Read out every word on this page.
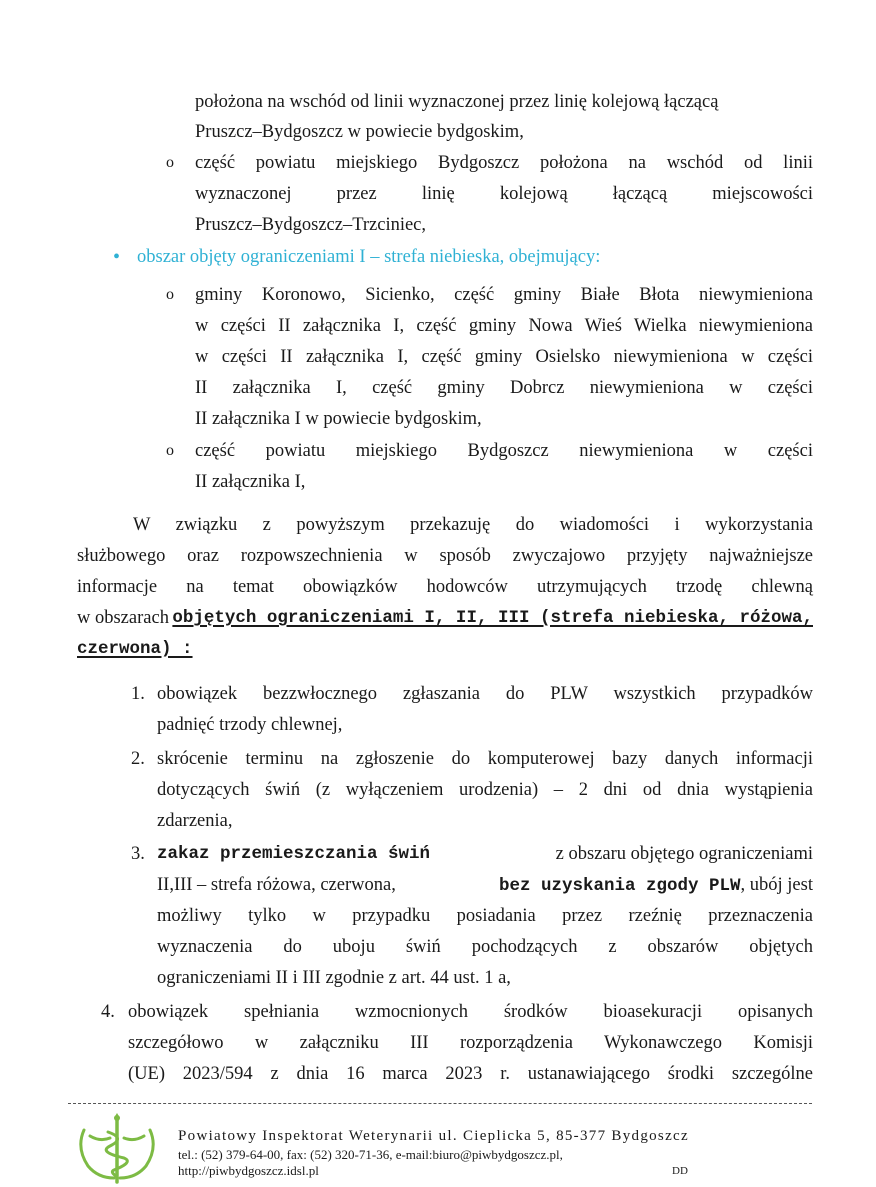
położona na wschód od linii wyznaczonej przez linię kolejową łączącą
Pruszcz–Bydgoszcz w powiecie bydgoskim,
o część powiatu miejskiego Bydgoszcz położona na wschód od linii
wyznaczonej przez linię kolejową łączącą miejscowości
Pruszcz–Bydgoszcz–Trzciniec,
• obszar objęty ograniczeniami I – strefa niebieska, obejmujący:
o gminy Koronowo, Sicienko, część gminy Białe Błota niewymieniona
w części II załącznika I, część gminy Nowa Wieś Wielka niewymieniona
w części II załącznika I, część gminy Osielsko niewymieniona w części
II załącznika I, część gminy Dobrcz niewymieniona w części
II załącznika I w powiecie bydgoskim,
o część powiatu miejskiego Bydgoszcz niewymieniona w części
II załącznika I,
W związku z powyższym przekazuję do wiadomości i wykorzystania
służbowego oraz rozpowszechnienia w sposób zwyczajowo przyjęty najważniejsze
informacje na temat obowiązków hodowców utrzymujących trzodę chlewną
w obszarach objętych ograniczeniami I, II, III (strefa niebieska, różowa,
czerwona) :
1. obowiązek bezzwłocznego zgłaszania do PLW wszystkich przypadków
padnięć trzody chlewnej,
2. skrócenie terminu na zgłoszenie do komputerowej bazy danych informacji
dotyczących świń (z wyłączeniem urodzenia) – 2 dni od dnia wystąpienia
zdarzenia,
3. zakaz przemieszczania świń	z obszaru objętego ograniczeniami
II,III – strefa różowa, czerwona,	bez uzyskania zgody PLW, ubój jest
możliwy tylko w przypadku posiadania przez rzeźnię przeznaczenia
wyznaczenia do uboju świń pochodzących z obszarów objętych
ograniczeniami II i III zgodnie z art. 44 ust. 1 a,
4. obowiązek spełniania wzmocnionych środków bioasekuracji opisanych
szczegółowo w załączniku III rozporządzenia Wykonawczego Komisji
(UE) 2023/594 z dnia 16 marca 2023 r. ustanawiającego środki szczególne
Powiatowy Inspektorat Weterynarii ul. Cieplicka 5, 85-377 Bydgoszcz
tel.: (52) 379-64-00, fax: (52) 320-71-36, e-mail:biuro@piwbydgoszcz.pl,
http://piwbydgoszcz.idsl.pl	DD
